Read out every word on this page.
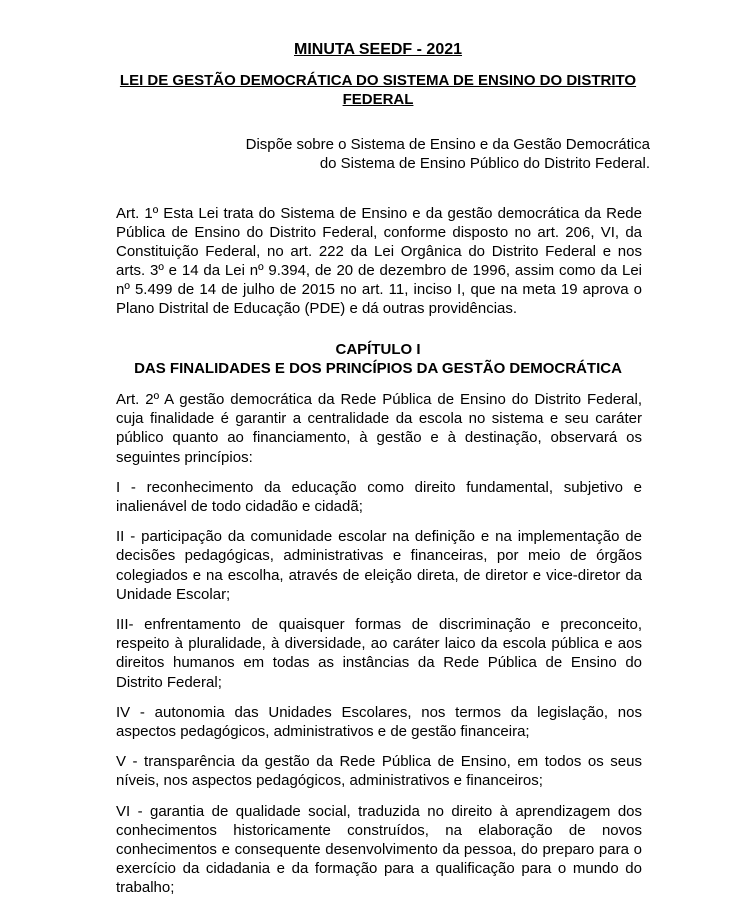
MINUTA SEEDF - 2021
LEI DE GESTÃO DEMOCRÁTICA DO SISTEMA DE ENSINO DO DISTRITO FEDERAL
Dispõe sobre o Sistema de Ensino e da Gestão Democrática
do Sistema de Ensino Público do Distrito Federal.
Art. 1º Esta Lei trata do Sistema de Ensino e da gestão democrática da Rede Pública de Ensino do Distrito Federal, conforme disposto no art. 206, VI, da Constituição Federal, no art. 222 da Lei Orgânica do Distrito Federal e nos arts. 3º e 14 da Lei nº 9.394, de 20 de dezembro de 1996, assim como da Lei nº 5.499 de 14 de julho de 2015 no art. 11, inciso I, que na meta 19 aprova o Plano Distrital de Educação (PDE) e dá outras providências.
CAPÍTULO I
DAS FINALIDADES E DOS PRINCÍPIOS DA GESTÃO DEMOCRÁTICA

Art. 2º A gestão democrática da Rede Pública de Ensino do Distrito Federal, cuja finalidade é garantir a centralidade da escola no sistema e seu caráter público quanto ao financiamento, à gestão e à destinação, observará os seguintes princípios:

I - reconhecimento da educação como direito fundamental, subjetivo e inalienável de todo cidadão e cidadã;

II - participação da comunidade escolar na definição e na implementação de decisões pedagógicas, administrativas e financeiras, por meio de órgãos colegiados e na escolha, através de eleição direta, de diretor e vice-diretor da Unidade Escolar;

III- enfrentamento de quaisquer formas de discriminação e preconceito, respeito à pluralidade, à diversidade, ao caráter laico da escola pública e aos direitos humanos em todas as instâncias da Rede Pública de Ensino do Distrito Federal;

IV - autonomia das Unidades Escolares, nos termos da legislação, nos aspectos pedagógicos, administrativos e de gestão financeira;

V - transparência da gestão da Rede Pública de Ensino, em todos os seus níveis, nos aspectos pedagógicos, administrativos e financeiros;

VI - garantia de qualidade social, traduzida no direito à aprendizagem dos conhecimentos historicamente construídos, na elaboração de novos conhecimentos e consequente desenvolvimento da pessoa, do preparo para o exercício da cidadania e da formação para a qualificação para o mundo do trabalho;
